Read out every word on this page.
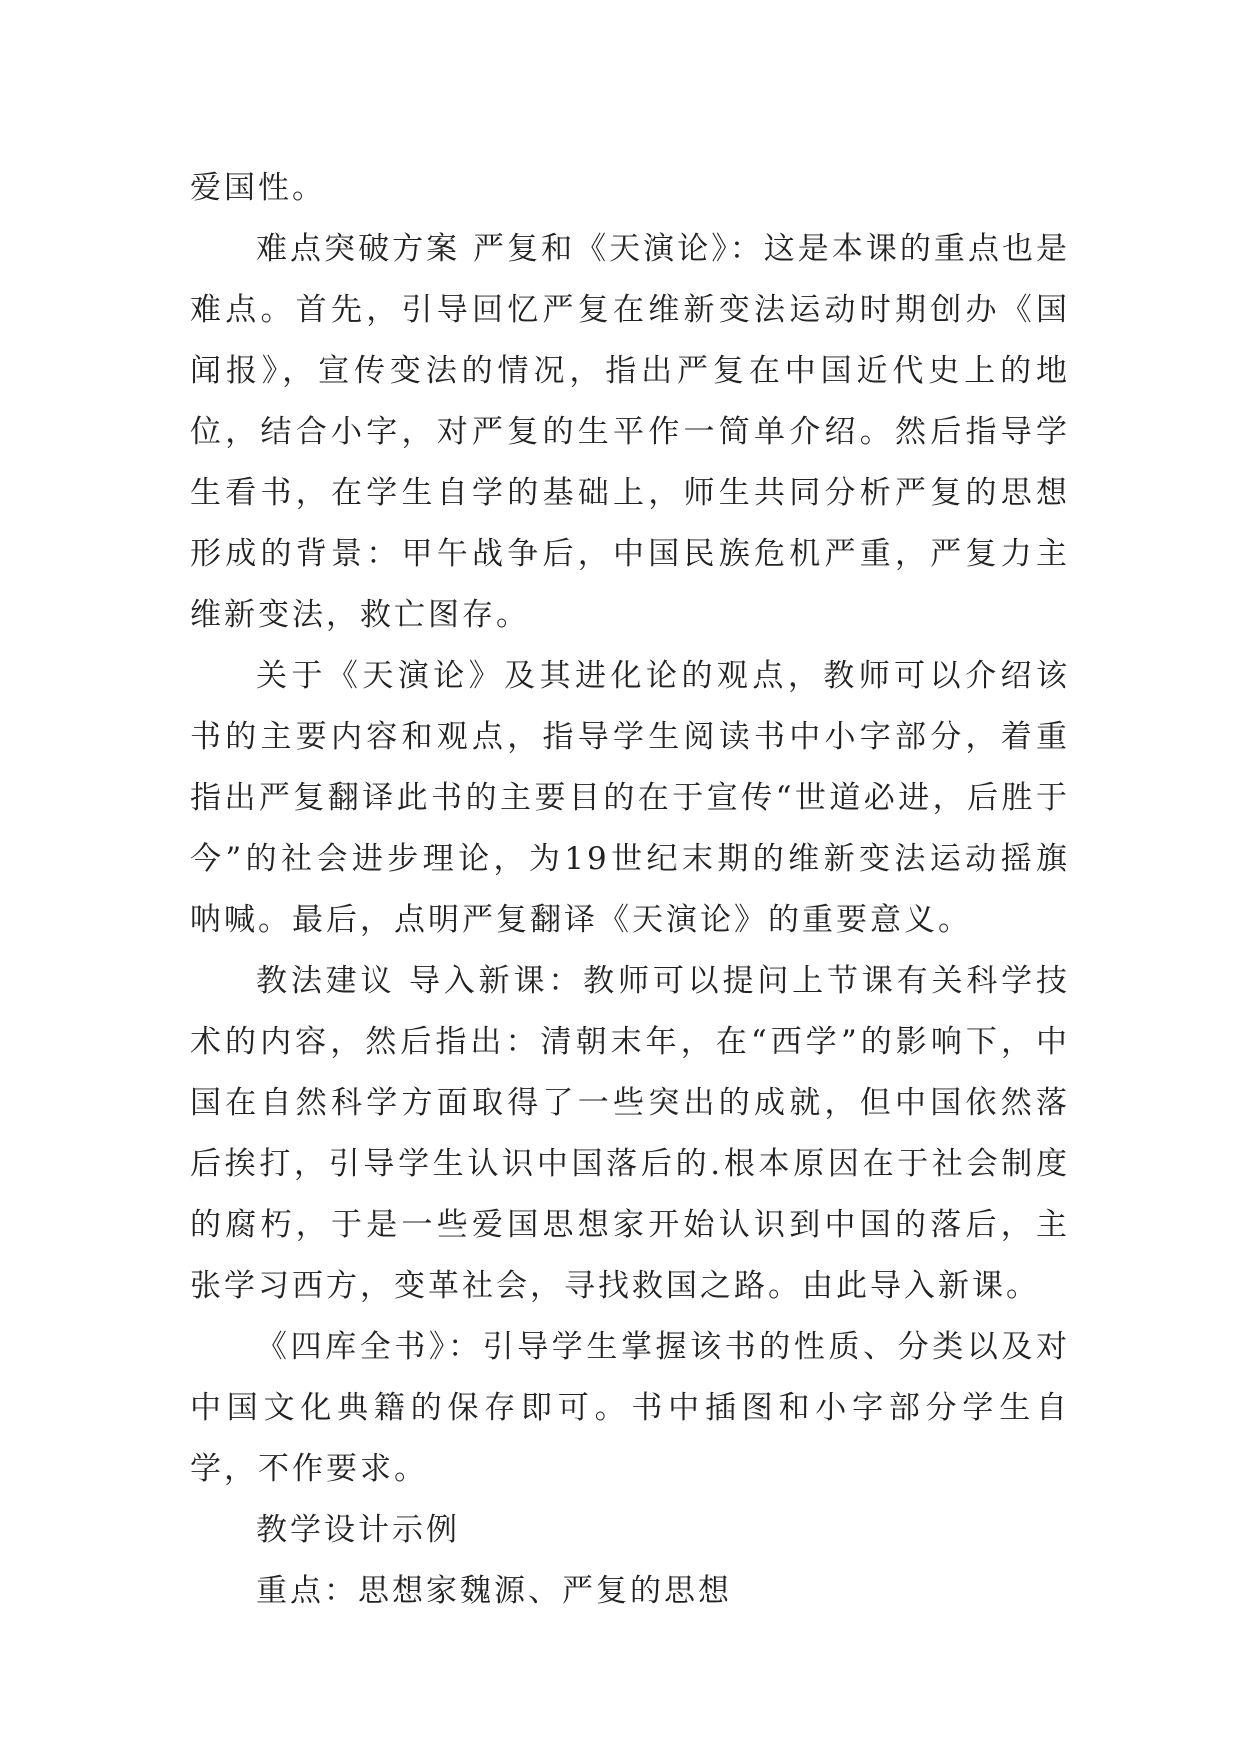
爱国性。

难点突破方案 严复和《天演论》：这是本课的重点也是难点。首先，引导回忆严复在维新变法运动时期创办《国闻报》，宣传变法的情况，指出严复在中国近代史上的地位，结合小字，对严复的生平作一简单介绍。然后指导学生看书，在学生自学的基础上，师生共同分析严复的思想形成的背景：甲午战争后，中国民族危机严重，严复力主维新变法，救亡图存。

关于《天演论》及其进化论的观点，教师可以介绍该书的主要内容和观点，指导学生阅读书中小字部分，着重指出严复翻译此书的主要目的在于宣传“世道必进，后胜于今”的社会进步理论，为19世纪末期的维新变法运动摇旗呐喊。最后，点明严复翻译《天演论》的重要意义。

教法建议 导入新课：教师可以提问上节课有关科学技术的内容，然后指出：清朝末年，在“西学”的影响下，中国在自然科学方面取得了一些突出的成就，但中国依然落后挨打，引导学生认识中国落后的.根本原因在于社会制度的腐朽，于是一些爱国思想家开始认识到中国的落后，主张学习西方，变革社会，寻找救国之路。由此导入新课。

《四库全书》：引导学生掌握该书的性质、分类以及对中国文化典籍的保存即可。书中插图和小字部分学生自学，不作要求。

教学设计示例

重点：思想家魏源、严复的思想
